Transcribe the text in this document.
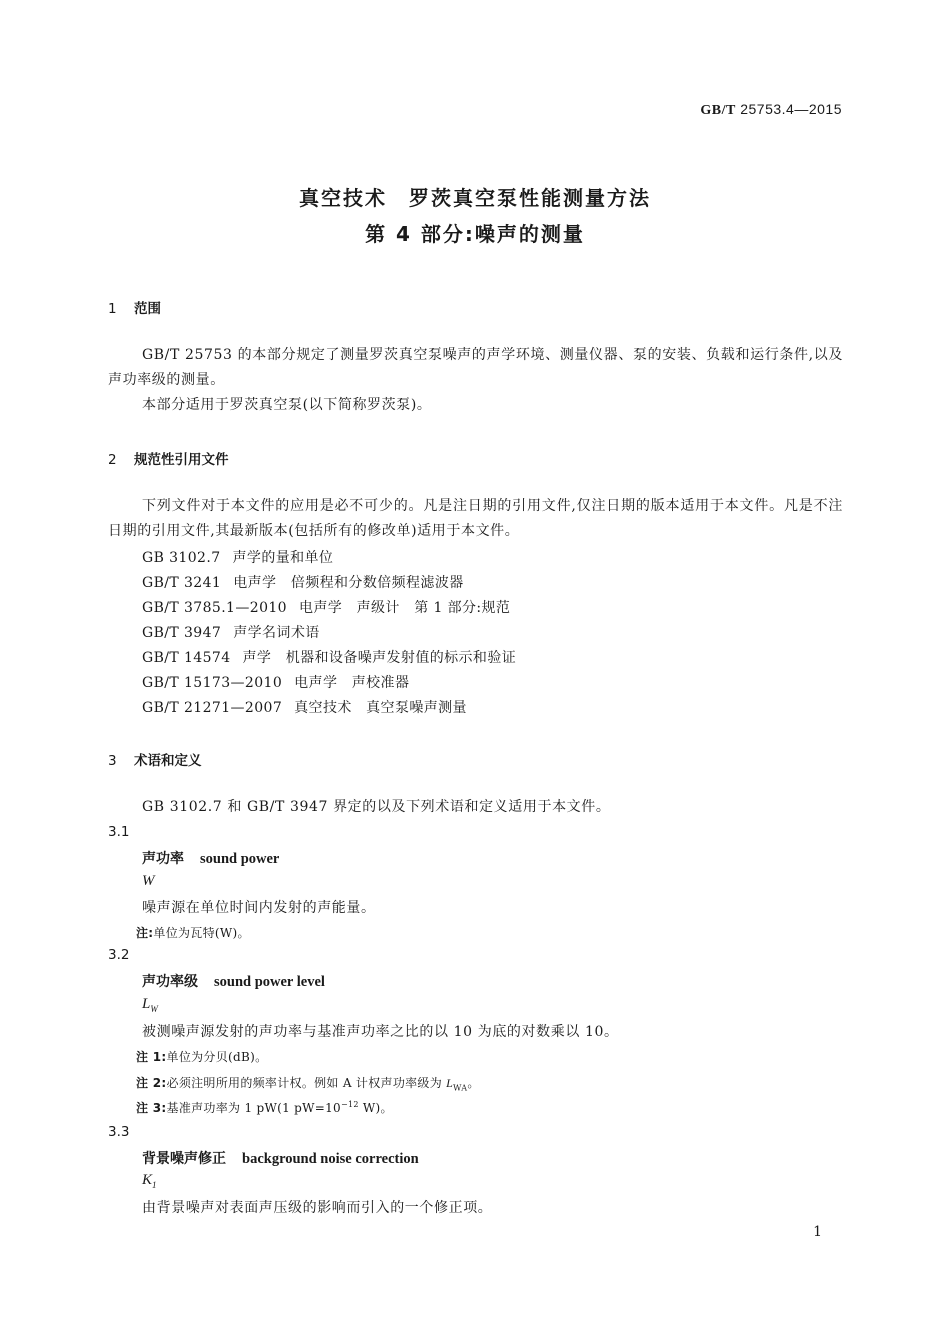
GB/T 25753.4—2015
真空技术　罗茨真空泵性能测量方法
第 4 部分:噪声的测量
1 范围
GB/T 25753 的本部分规定了测量罗茨真空泵噪声的声学环境、测量仪器、泵的安装、负载和运行条件,以及声功率级的测量。
本部分适用于罗茨真空泵(以下简称罗茨泵)。
2 规范性引用文件
下列文件对于本文件的应用是必不可少的。凡是注日期的引用文件,仅注日期的版本适用于本文件。凡是不注日期的引用文件,其最新版本(包括所有的修改单)适用于本文件。
GB 3102.7 声学的量和单位
GB/T 3241 电声学　倍频程和分数倍频程滤波器
GB/T 3785.1—2010 电声学　声级计　第 1 部分:规范
GB/T 3947 声学名词术语
GB/T 14574 声学　机器和设备噪声发射值的标示和验证
GB/T 15173—2010 电声学　声校准器
GB/T 21271—2007 真空技术　真空泵噪声测量
3 术语和定义
GB 3102.7 和 GB/T 3947 界定的以及下列术语和定义适用于本文件。
3.1
声功率 sound power
W
噪声源在单位时间内发射的声能量。
注:单位为瓦特(W)。
3.2
声功率级 sound power level
$L_W$
被测噪声源发射的声功率与基准声功率之比的以 10 为底的对数乘以 10。
注 1:单位为分贝(dB)。
注 2:必须注明所用的频率计权。例如 A 计权声功率级为 $L_{WA}$。
注 3:基准声功率为 1 pW(1 $pW=10^{-12}$ W)。
3.3
背景噪声修正 background noise correction
$K_1$
由背景噪声对表面声压级的影响而引入的一个修正项。
1
